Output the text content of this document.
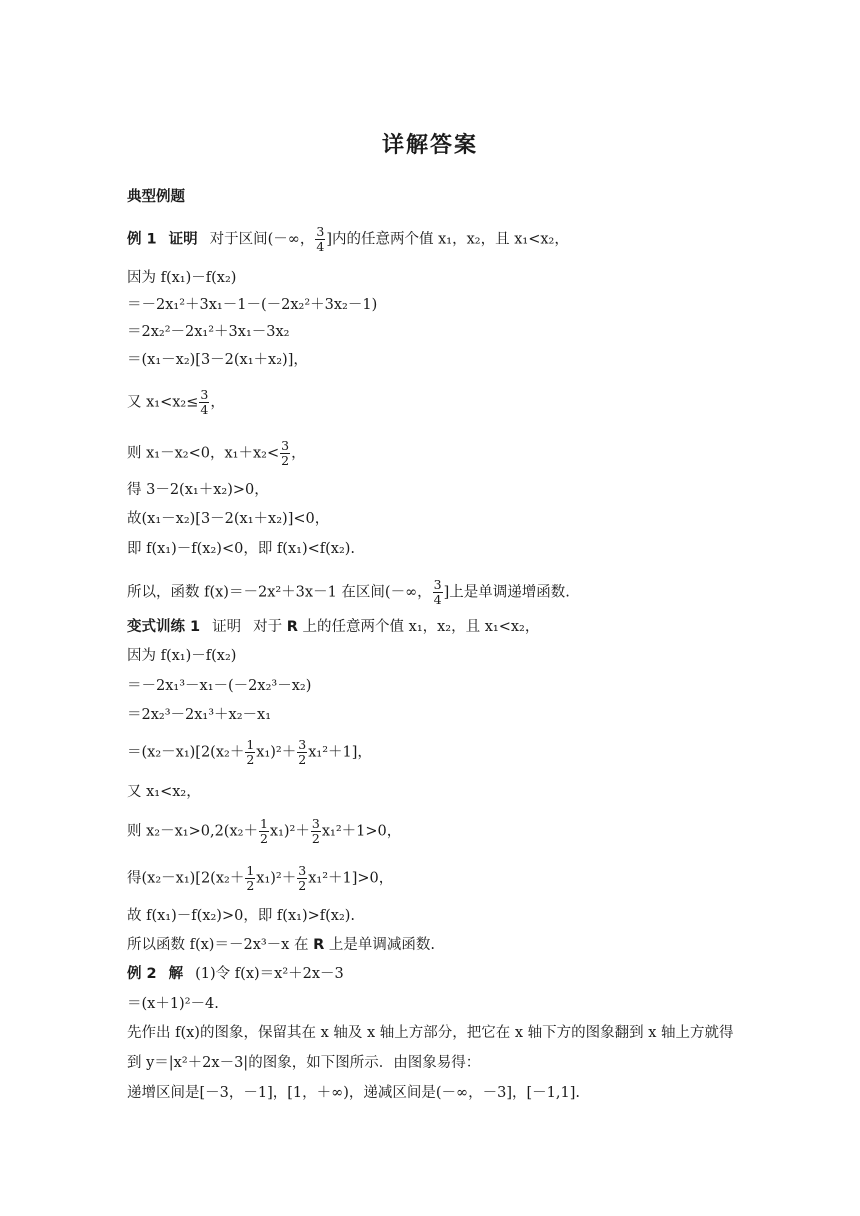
详解答案
典型例题
例 1 证明 对于区间(－∞， $\frac{3}{4}$ ]内的任意两个值 x₁，x₂，且 x₁<x₂，
因为 f(x₁)－f(x₂)
＝－2x₁²＋3x₁－1－(－2x₂²＋3x₂－1)
＝2x₂²－2x₁²＋3x₁－3x₂
＝(x₁－x₂)[3－2(x₁＋x₂)]，
又 $x_1<x_2\le \frac{3}{4}$ ，
则 x₁－x₂<0，$x_1+x_2< \frac{3}{2}$ ，
得 3－2(x₁＋x₂)>0，
故(x₁－x₂)[3－2(x₁＋x₂)]<0，
即 f(x₁)－f(x₂)<0，即 f(x₁)<f(x₂).
所以，函数 f(x)＝－2x²＋3x－1 在区间(－∞， $\frac{3}{4}$ ]上是单调递增函数.
变式训练 1 证明 对于 R 上的任意两个值 x₁，x₂，且 x₁<x₂，
因为 f(x₁)－f(x₂)
＝－2x₁³－x₁－(－2x₂³－x₂)
＝2x₂³－2x₁³＋x₂－x₁
$=(x_2-x_1)[2(x_2+ \frac{1}{2} x_1)^2+ \frac{3}{2} x_1^2+1]$，
又 x₁<x₂，
则 $x_2-x_1>0,2(x_2+ \frac{1}{2} x_1)^2+ \frac{3}{2} x_1^2+1>0$，
得$(x_2-x_1)[2(x_2+ \frac{1}{2} x_1)^2+ \frac{3}{2} x_1^2+1]>0$，
故 f(x₁)－f(x₂)>0，即 f(x₁)>f(x₂).
所以函数 f(x)＝－2x³－x 在 R 上是单调减函数.
例 2 解 (1)令 f(x)＝x²＋2x－3
＝(x＋1)²－4.
先作出 f(x)的图象，保留其在 x 轴及 x 轴上方部分，把它在 x 轴下方的图象翻到 x 轴上方就得
到 y＝|x²＋2x－3|的图象，如下图所示．由图象易得：
递增区间是[－3，－1]，[1，＋∞)，递减区间是(－∞，－3]，[－1,1].
